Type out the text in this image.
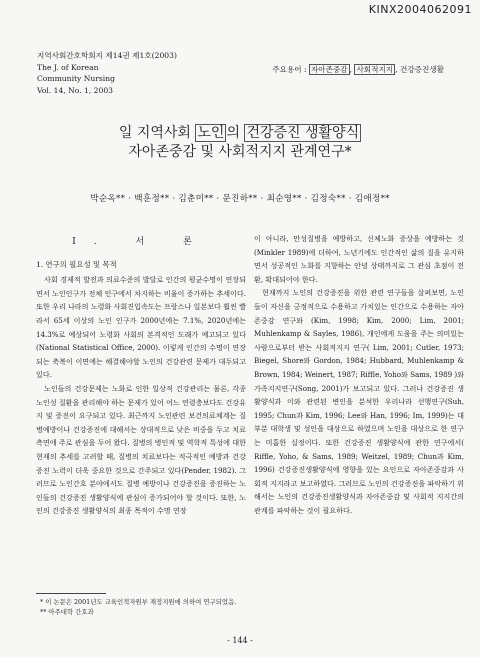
KINX2004062091
지역사회간호학회지 제14권 제1호(2003)
The J. of Korean
Community Nursing
Vol. 14, No. 1, 2003
주요용어 : 자아존중감 , 사회적지지 , 건강증진생활
일 지역사회 노인 의 건강증진 생활양식
자아존중감 및 사회적지지 관계연구*
박순옥** · 백훈정** · 김춘미** · 문진하** · 최순영** · 김정숙** · 김애정**
I. 서 론
1. 연구의 필요성 및 목적

사회 경제적 발전과 의료수준의 발달로 인간의 평균수명이 연장되면서 노인인구가 전체 인구에서 차지하는 비율이 증가하는 추세이다. 또한 우리 나라의 노령화 사회진입속도는 프랑스나 일본보다 훨씬 빨라서 65세 이상의 노인 인구가 2000년에는 7.1%, 2020년에는 14.3%로 예상되어 노령화 사회의 본격적인 도래가 예고되고 있다(National Statistical Office, 2000). 이렇게 인간의 수명이 연장되는 축복이 이면에는 해결해야할 노인의 건강관련 문제가 대두되고 있다.

노인들의 건강문제는 노화로 인한 일상적 건강관리는 물론, 각종 노인성 질환을 관리해야 하는 문제가 있어 어느 연령층보다도 건강유지 및 증진이 요구되고 있다. 최근까지 노인관련 보건의료체계는 질병예방이나 건강증진에 대해서는 상대적으로 낮은 비중을 두고 치료 측면에 주로 관심을 두어 왔다. 질병의 병인적 및 역학적 특성에 대한 현재의 추세를 고려할 때, 질병의 치료보다는 적극적인 예방과 건강증진 노력이 더욱 중요한 것으로 간주되고 있다(Pender, 1982). 그러므로 노인간호 분야에서도 질병 예방이나 건강증진을 증진하는 노인들의 건강증진 생활양식에 관심이 증가되어야 할 것이다. 또한, 노인의 건강증진 생활양식의 최종 목적이 수명 연장

이 아니라, 만성질병을 예방하고, 신체노화 증상을 예방하는 것(Minkler 1989)에 더하여, 노년기에도 인간적인 삶의 질을 유지하면서 성공적인 노화를 지향하는 안녕 상태까지로 그 관심 초점이 전환, 확대되어야 한다.

현재까지 노인의 건강증진을 위한 관련 연구들을 살펴보면, 노인들이 자신을 긍정적으로 수용하고 가치있는 인간으로 수용하는 자아존중감 연구와 (Kim, 1998; Kim, 2000; Lim, 2001; Muhlenkamp & Sayles, 1986), 개인에게 도움을 주는 의미있는 사람으로부터 받는 사회적지지 연구( Lim, 2001; Cutler, 1973; Biegel, Shore와 Gordon, 1984; Hubbard, Muhlenkamp & Brown, 1984; Weinert, 1987; Riffle, Yoho와 Sams, 1989 )와 가족지지연구(Song, 2001)가 보고되고 있다. 그러나 건강증진 생활양식과 이와 관련된 변인을 분석한 우리나라 선행연구(Suh, 1995; Chun과 Kim, 1996; Lee와 Han, 1996; Im, 1999)는 대부분 대학생 및 성인을 대상으로 하였으며 노인을 대상으로 한 연구는 미흡한 실정이다. 또한 건강증진 생활양식에 관한 연구에서( Riffle, Yoho, & Sams, 1989; Weitzel, 1989; Chun과 Kim, 1996) 건강증진생활양식에 영향을 있는 요인으로 자아존중감과 사회적 지지라고 보고하였다. 그러므로 노인의 건강증진을 파악하기 위해서는 노인의 건강증진생활양식과 자아존중감 및 사회적 지지간의 관계를 파악하는 것이 필요하다.

* 이 논문은 2001년도 교육인적자원부 재정지원에 의하여 연구되었음.
** 아주대학 간호과
- 144 -
